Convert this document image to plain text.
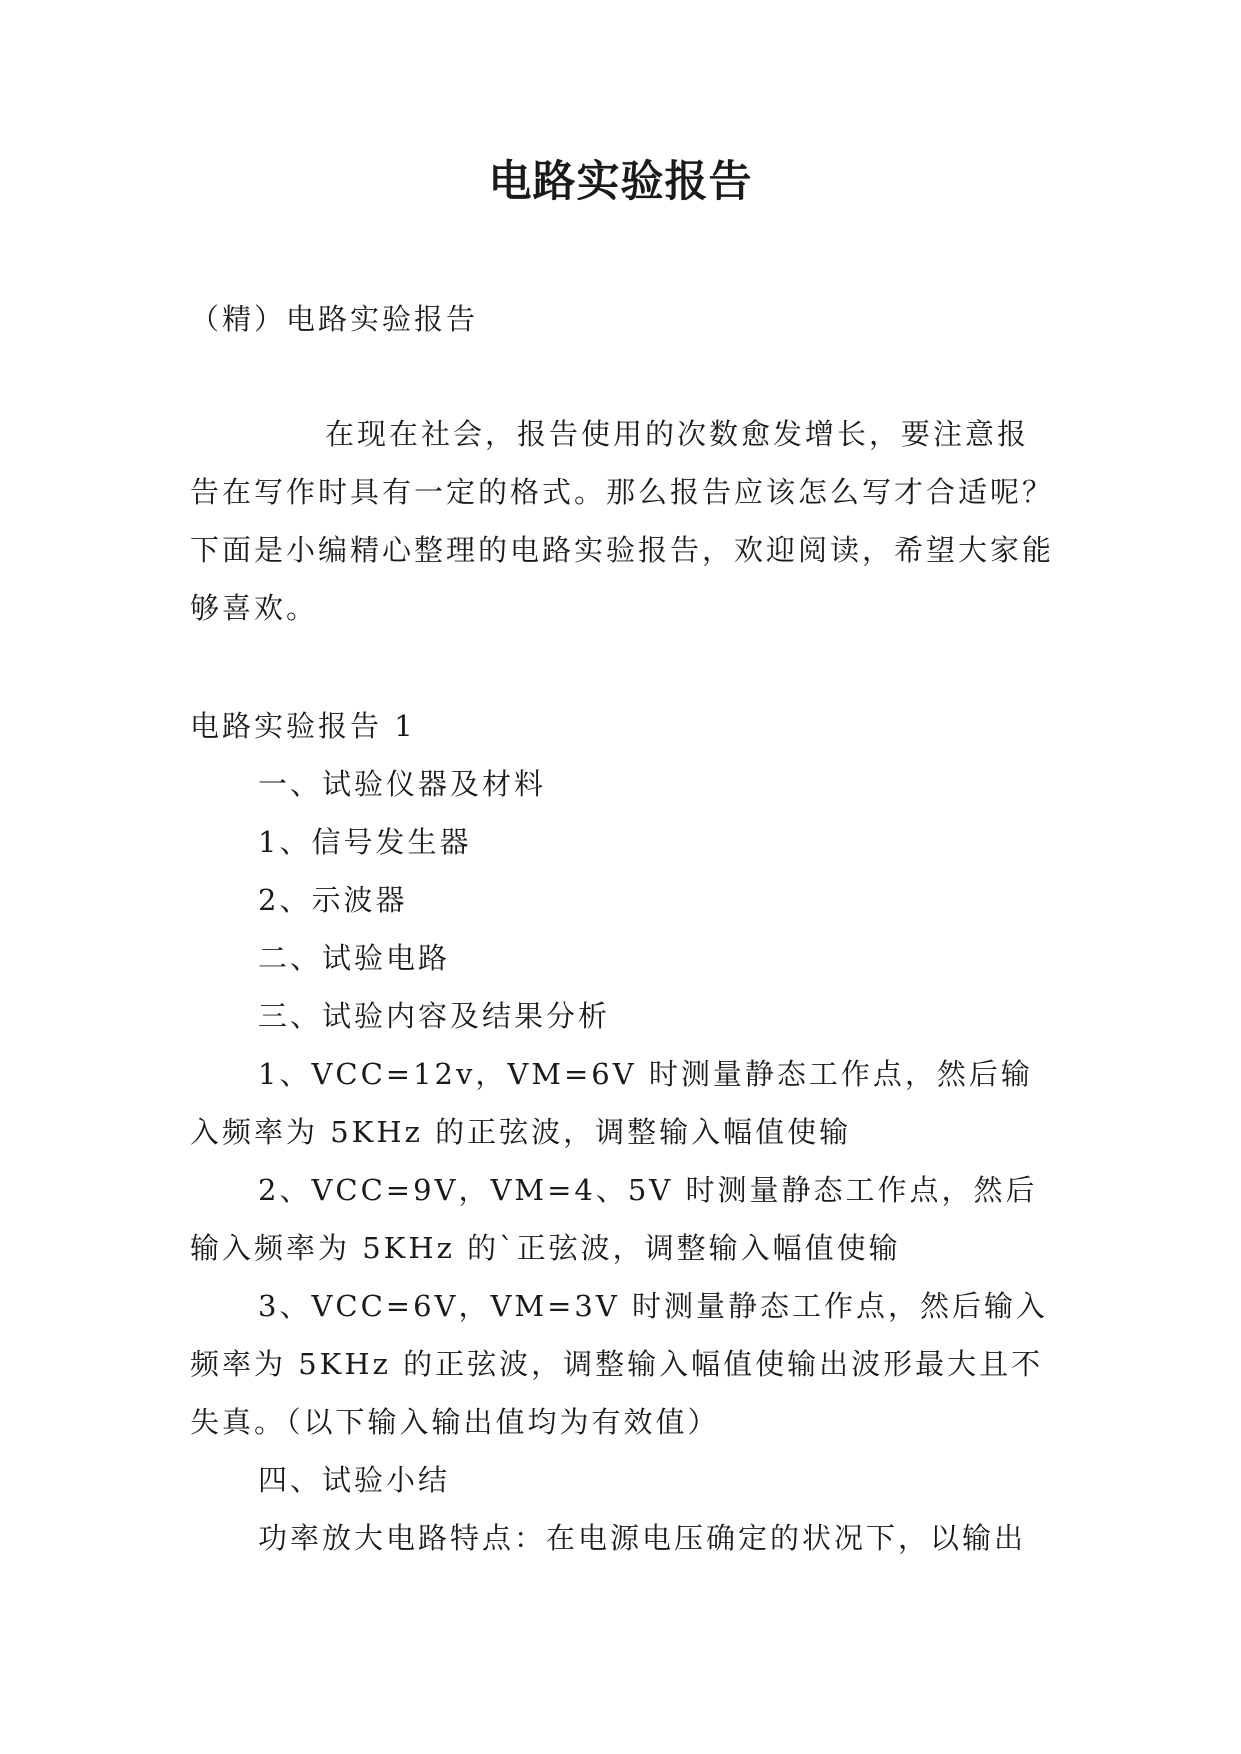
电路实验报告

（精）电路实验报告

在现在社会，报告使用的次数愈发增长，要注意报告在写作时具有一定的格式。那么报告应该怎么写才合适呢？下面是小编精心整理的电路实验报告，欢迎阅读，希望大家能够喜欢。

电路实验报告 1

一、试验仪器及材料

1、信号发生器

2、示波器

二、试验电路

三、试验内容及结果分析

1、VCC=12v，VM=6V 时测量静态工作点，然后输入频率为 5KHz 的正弦波，调整输入幅值使输

2、VCC=9V，VM=4、5V 时测量静态工作点，然后输入频率为 5KHz 的`正弦波，调整输入幅值使输

3、VCC=6V，VM=3V 时测量静态工作点，然后输入频率为 5KHz 的正弦波，调整输入幅值使输出波形最大且不失真。（以下输入输出值均为有效值）

四、试验小结

功率放大电路特点：在电源电压确定的状况下，以输出
